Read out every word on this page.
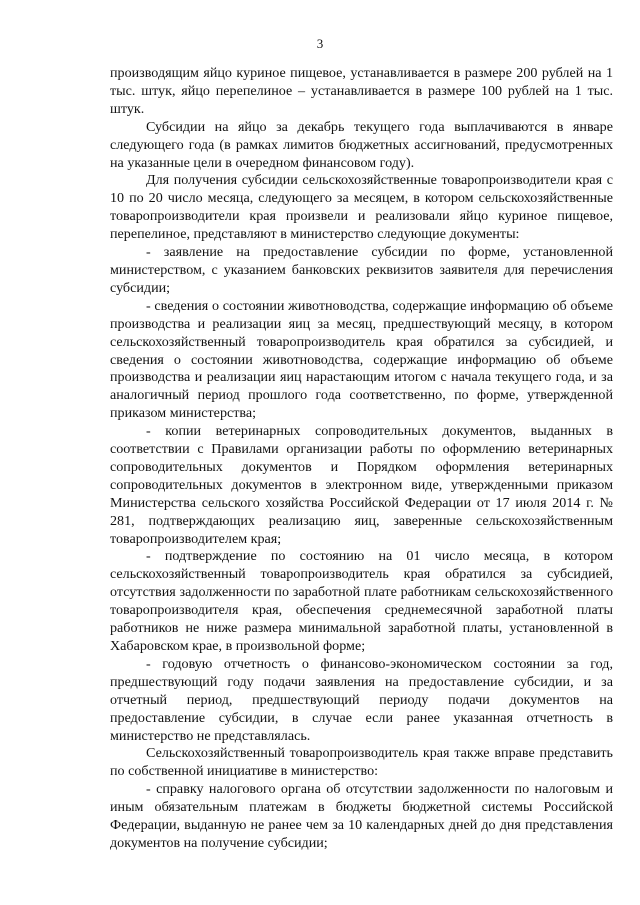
3

производящим яйцо куриное пищевое, устанавливается в размере 200 рублей на 1 тыс. штук, яйцо перепелиное – устанавливается в размере 100 рублей на 1 тыс. штук.

Субсидии на яйцо за декабрь текущего года выплачиваются в январе следующего года (в рамках лимитов бюджетных ассигнований, предусмотренных на указанные цели в очередном финансовом году).

Для получения субсидии сельскохозяйственные товаропроизводители края с 10 по 20 число месяца, следующего за месяцем, в котором сельскохозяйственные товаропроизводители края произвели и реализовали яйцо куриное пищевое, перепелиное, представляют в министерство следующие документы:

- заявление на предоставление субсидии по форме, установленной министерством, с указанием банковских реквизитов заявителя для перечисления субсидии;

- сведения о состоянии животноводства, содержащие информацию об объеме производства и реализации яиц за месяц, предшествующий месяцу, в котором сельскохозяйственный товаропроизводитель края обратился за субсидией, и сведения о состоянии животноводства, содержащие информацию об объеме производства и реализации яиц нарастающим итогом с начала текущего года, и за аналогичный период прошлого года соответственно, по форме, утвержденной приказом министерства;

- копии ветеринарных сопроводительных документов, выданных в соответствии с Правилами организации работы по оформлению ветеринарных сопроводительных документов и Порядком оформления ветеринарных сопроводительных документов в электронном виде, утвержденными приказом Министерства сельского хозяйства Российской Федерации от 17 июля 2014 г. № 281, подтверждающих реализацию яиц, заверенные сельскохозяйственным товаропроизводителем края;

- подтверждение по состоянию на 01 число месяца, в котором сельскохозяйственный товаропроизводитель края обратился за субсидией, отсутствия задолженности по заработной плате работникам сельскохозяйственного товаропроизводителя края, обеспечения среднемесячной заработной платы работников не ниже размера минимальной заработной платы, установленной в Хабаровском крае, в произвольной форме;

- годовую отчетность о финансово-экономическом состоянии за год, предшествующий году подачи заявления на предоставление субсидии, и за отчетный период, предшествующий периоду подачи документов на предоставление субсидии, в случае если ранее указанная отчетность в министерство не представлялась.

Сельскохозяйственный товаропроизводитель края также вправе представить по собственной инициативе в министерство:

- справку налогового органа об отсутствии задолженности по налоговым и иным обязательным платежам в бюджеты бюджетной системы Российской Федерации, выданную не ранее чем за 10 календарных дней до дня представления документов на получение субсидии;
